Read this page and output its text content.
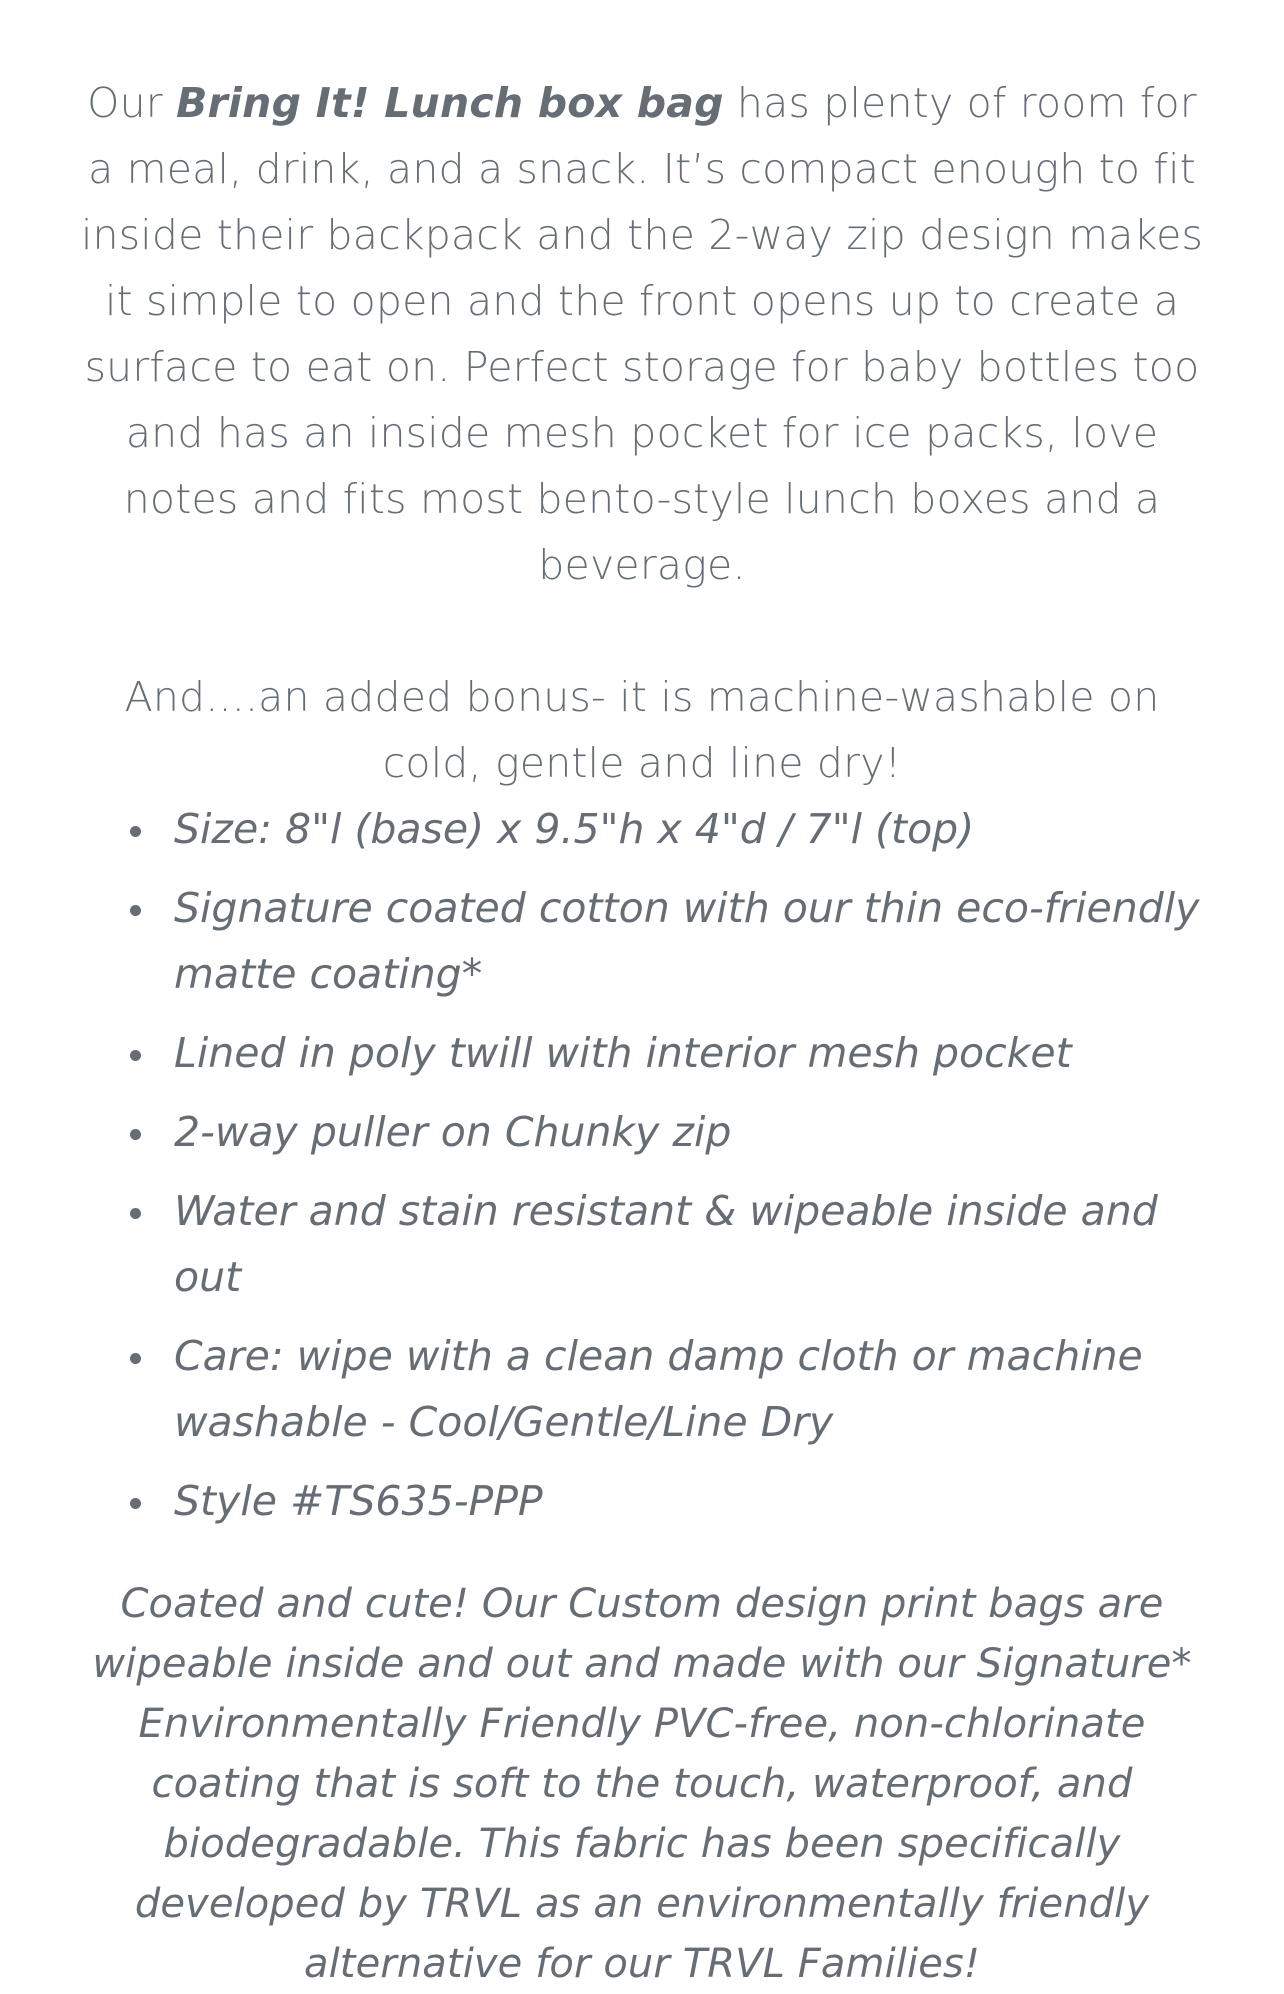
Our Bring It! Lunch box bag has plenty of room for a meal, drink, and a snack. It’s compact enough to fit inside their backpack and the 2-way zip design makes it simple to open and the front opens up to create a surface to eat on. Perfect storage for baby bottles too and has an inside mesh pocket for ice packs, love notes and fits most bento-style lunch boxes and a beverage.

And....an added bonus- it is machine-washable on cold, gentle and line dry!

Size: 8"l (base) x 9.5"h x 4"d / 7"l (top)
Signature coated cotton with our thin eco-friendly matte coating*
Lined in poly twill with interior mesh pocket
2-way puller on Chunky zip
Water and stain resistant & wipeable inside and out
Care: wipe with a clean damp cloth or machine washable - Cool/Gentle/Line Dry
Style #TS635-PPP

Coated and cute! Our Custom design print bags are wipeable inside and out and made with our Signature* Environmentally Friendly PVC-free, non-chlorinate coating that is soft to the touch, waterproof, and biodegradable. This fabric has been specifically developed by TRVL as an environmentally friendly alternative for our TRVL Families!
